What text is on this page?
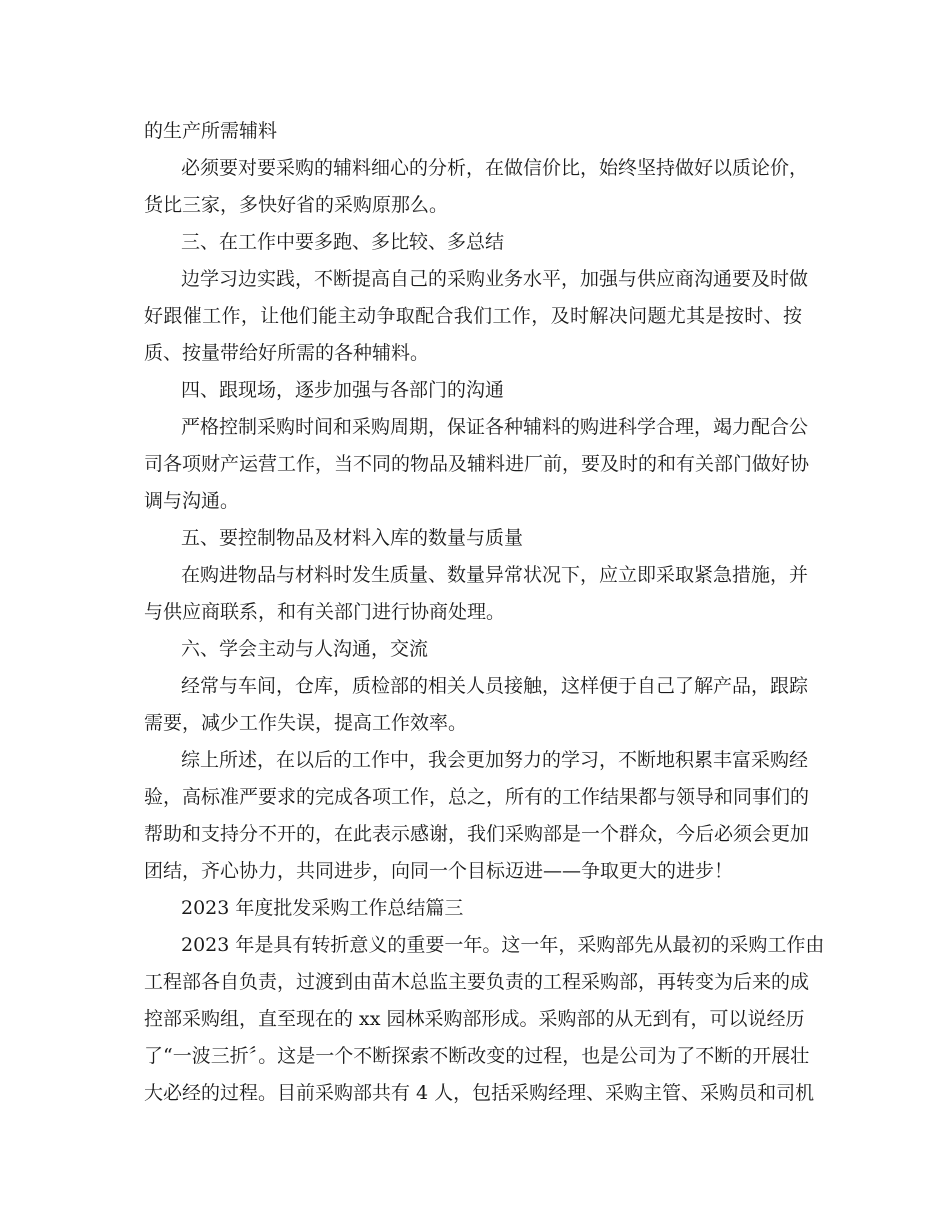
的生产所需辅料
必须要对要采购的辅料细心的分析，在做信价比，始终坚持做好以质论价，
货比三家，多快好省的采购原那么。
三、在工作中要多跑、多比较、多总结
边学习边实践，不断提高自己的采购业务水平，加强与供应商沟通要及时做
好跟催工作，让他们能主动争取配合我们工作，及时解决问题尤其是按时、按
质、按量带给好所需的各种辅料。
四、跟现场，逐步加强与各部门的沟通
严格控制采购时间和采购周期，保证各种辅料的购进科学合理，竭力配合公
司各项财产运营工作，当不同的物品及辅料进厂前，要及时的和有关部门做好协
调与沟通。
五、要控制物品及材料入库的数量与质量
在购进物品与材料时发生质量、数量异常状况下，应立即采取紧急措施，并
与供应商联系，和有关部门进行协商处理。
六、学会主动与人沟通，交流
经常与车间，仓库，质检部的相关人员接触，这样便于自己了解产品，跟踪
需要，减少工作失误，提高工作效率。
综上所述，在以后的工作中，我会更加努力的学习，不断地积累丰富采购经
验，高标准严要求的完成各项工作，总之，所有的工作结果都与领导和同事们的
帮助和支持分不开的，在此表示感谢，我们采购部是一个群众，今后必须会更加
团结，齐心协力，共同进步，向同一个目标迈进——争取更大的进步！
2023 年度批发采购工作总结篇三
2023 年是具有转折意义的重要一年。这一年，采购部先从最初的采购工作由
工程部各自负责，过渡到由苗木总监主要负责的工程采购部，再转变为后来的成
控部采购组，直至现在的 xx 园林采购部形成。采购部的从无到有，可以说经历
了“一波三折〞。这是一个不断探索不断改变的过程，也是公司为了不断的开展壮
大必经的过程。目前采购部共有 4 人，包括采购经理、采购主管、采购员和司机
